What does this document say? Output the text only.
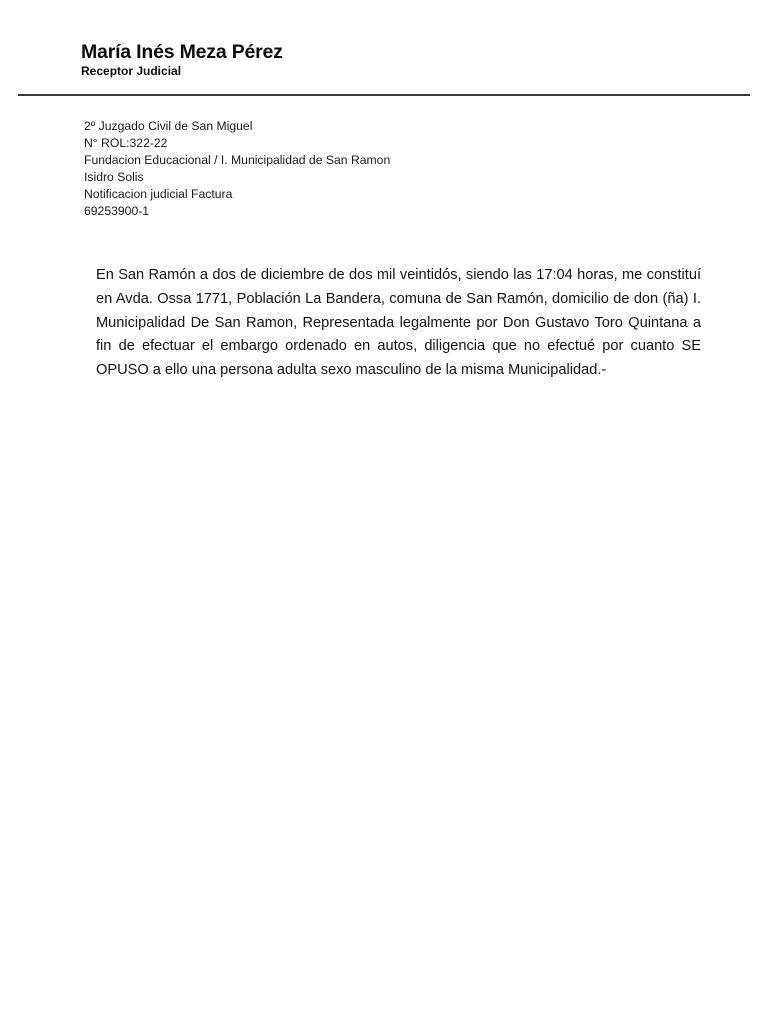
María Inés Meza Pérez
Receptor Judicial
2º Juzgado Civil de San Miguel
N° ROL:322-22
Fundacion Educacional / I. Municipalidad de San Ramon
Isidro Solis
Notificacion judicial Factura
69253900-1
En San Ramón a dos de diciembre de dos mil veintidós, siendo las 17:04 horas, me constituí en Avda. Ossa 1771, Población La Bandera, comuna de San Ramón, domicilio de don (ña) I. Municipalidad De San Ramon, Representada legalmente por Don Gustavo Toro Quintana a fin de efectuar el embargo ordenado en autos, diligencia que no efectué por cuanto SE OPUSO a ello una persona adulta sexo masculino de la misma Municipalidad.-
